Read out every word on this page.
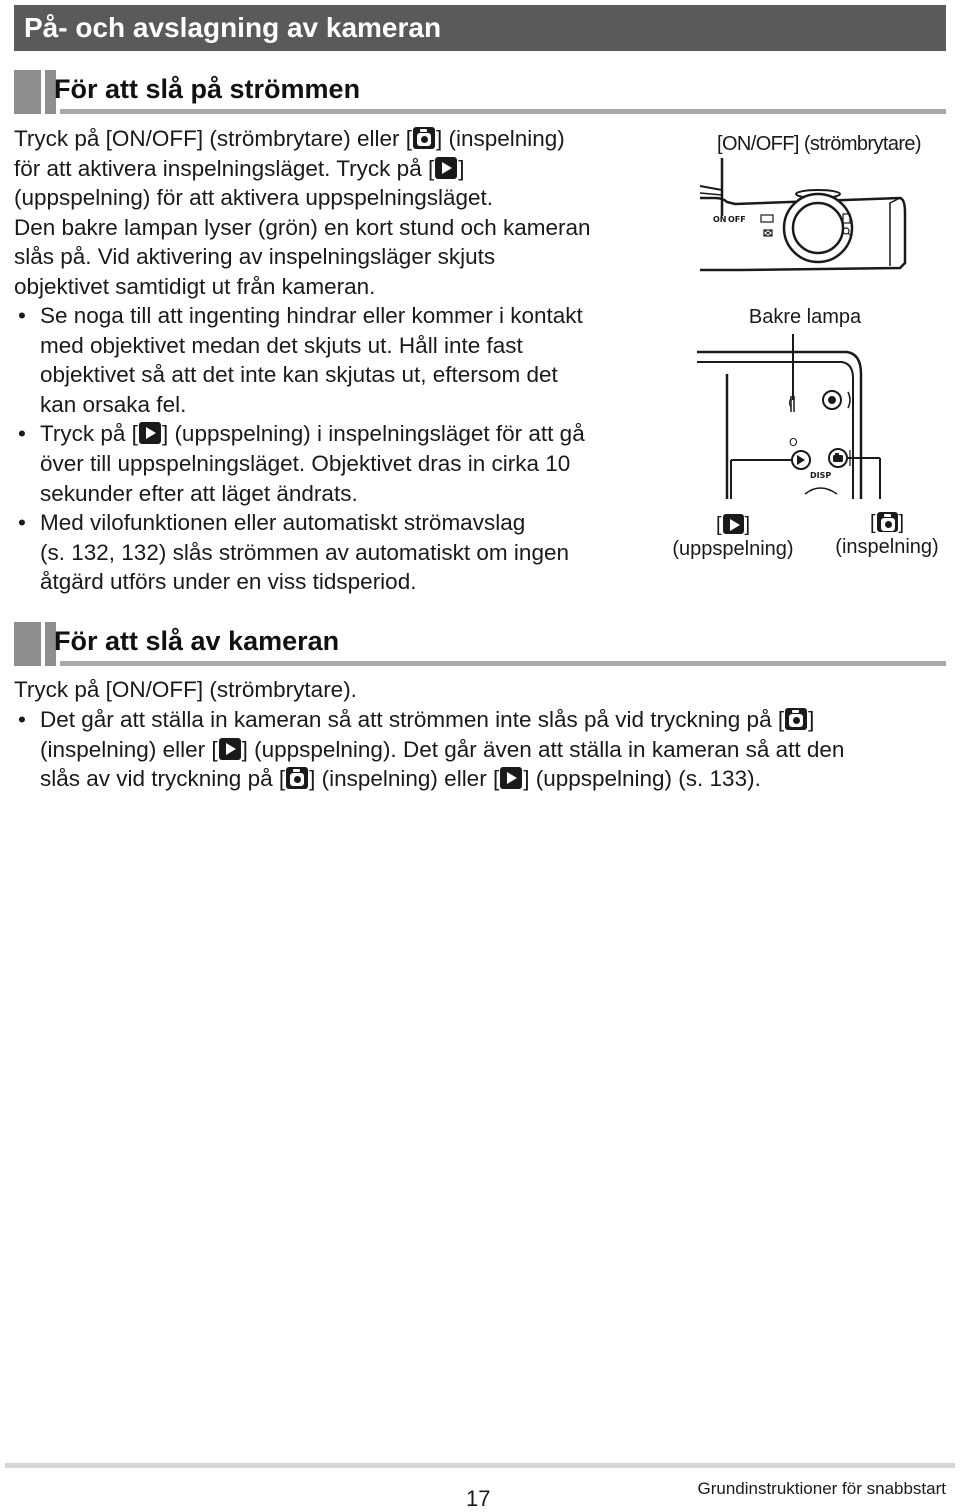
På- och avslagning av kameran
För att slå på strömmen
Tryck på [ON/OFF] (strömbrytare) eller [ ] (inspelning)
för att aktivera inspelningsläget. Tryck på [ ]
(uppspelning) för att aktivera uppspelningsläget.
Den bakre lampan lyser (grön) en kort stund och kameran
slås på. Vid aktivering av inspelningsläger skjuts
objektivet samtidigt ut från kameran.
• Se noga till att ingenting hindrar eller kommer i kontakt
med objektivet medan det skjuts ut. Håll inte fast
objektivet så att det inte kan skjutas ut, eftersom det
kan orsaka fel.
• Tryck på [ ] (uppspelning) i inspelningsläget för att gå
över till uppspelningsläget. Objektivet dras in cirka 10
sekunder efter att läget ändrats.
• Med vilofunktionen eller automatiskt strömavslag
(s. 132, 132) slås strömmen av automatiskt om ingen
åtgärd utförs under en viss tidsperiod.
[ON/OFF] (strömbrytare)
ON OFF
Bakre lampa
DISP
(
O
[ ]
(uppspelning)
[ ]
(inspelning)
För att slå av kameran
Tryck på [ON/OFF] (strömbrytare).
• Det går att ställa in kameran så att strömmen inte slås på vid tryckning på [ ]
(inspelning) eller [ ] (uppspelning). Det går även att ställa in kameran så att den
slås av vid tryckning på [ ] (inspelning) eller [ ] (uppspelning) (s. 133).
17	Grundinstruktioner för snabbstart
